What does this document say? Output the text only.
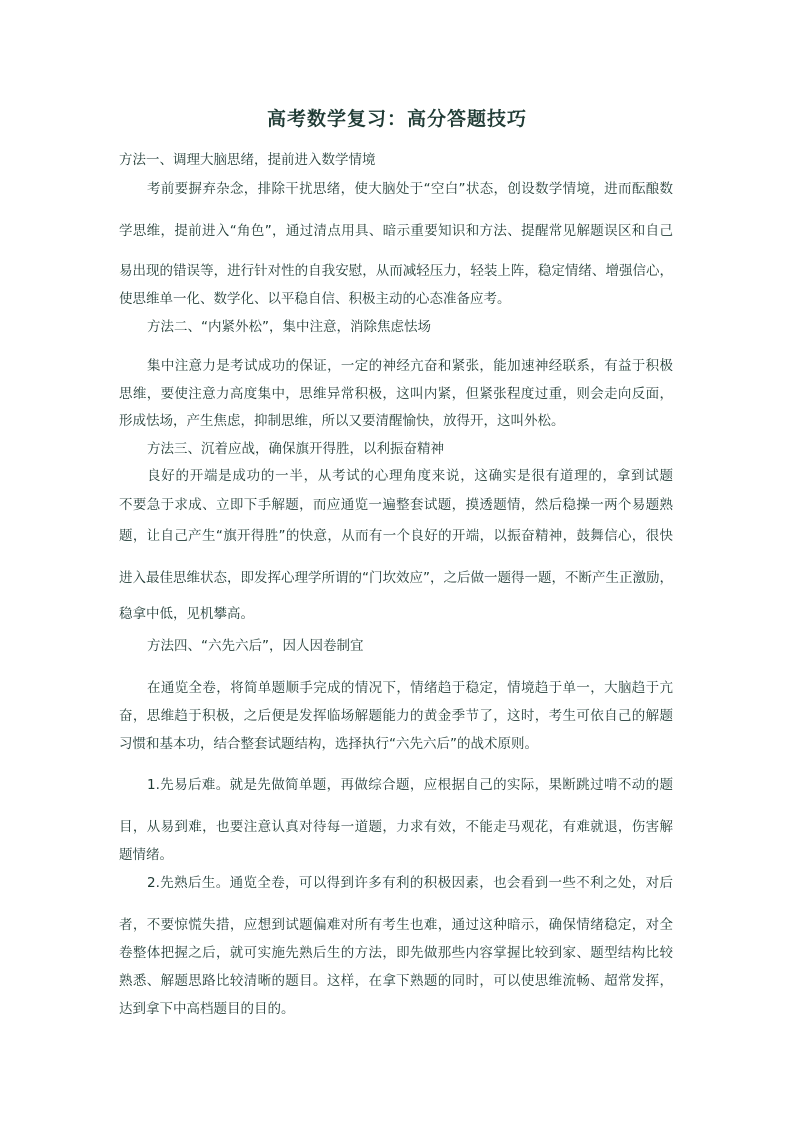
高考数学复习：高分答题技巧
方法一、调理大脑思绪，提前进入数学情境
考前要摒弃杂念，排除干扰思绪，使大脑处于“空白”状态，创设数学情境，进而酝酿数
学思维，提前进入“角色”，通过清点用具、暗示重要知识和方法、提醒常见解题误区和自己
易出现的错误等，进行针对性的自我安慰，从而减轻压力，轻装上阵，稳定情绪、增强信心，
使思维单一化、数学化、以平稳自信、积极主动的心态准备应考。
方法二、“内紧外松”，集中注意，消除焦虑怯场
集中注意力是考试成功的保证，一定的神经亢奋和紧张，能加速神经联系，有益于积极
思维，要使注意力高度集中，思维异常积极，这叫内紧，但紧张程度过重，则会走向反面，
形成怯场，产生焦虑，抑制思维，所以又要清醒愉快，放得开，这叫外松。
方法三、沉着应战，确保旗开得胜，以利振奋精神
良好的开端是成功的一半，从考试的心理角度来说，这确实是很有道理的，拿到试题
不要急于求成、立即下手解题，而应通览一遍整套试题，摸透题情，然后稳操一两个易题熟
题，让自己产生“旗开得胜”的快意，从而有一个良好的开端，以振奋精神，鼓舞信心，很快
进入最佳思维状态，即发挥心理学所谓的“门坎效应”，之后做一题得一题，不断产生正激励，
稳拿中低，见机攀高。
方法四、“六先六后”，因人因卷制宜
在通览全卷，将简单题顺手完成的情况下，情绪趋于稳定，情境趋于单一，大脑趋于亢
奋，思维趋于积极，之后便是发挥临场解题能力的黄金季节了，这时，考生可依自己的解题
习惯和基本功，结合整套试题结构，选择执行“六先六后”的战术原则。
1.先易后难。就是先做简单题，再做综合题，应根据自己的实际，果断跳过啃不动的题
目，从易到难，也要注意认真对待每一道题，力求有效，不能走马观花，有难就退，伤害解
题情绪。
2.先熟后生。通览全卷，可以得到许多有利的积极因素，也会看到一些不利之处，对后
者，不要惊慌失措，应想到试题偏难对所有考生也难，通过这种暗示，确保情绪稳定，对全
卷整体把握之后，就可实施先熟后生的方法，即先做那些内容掌握比较到家、题型结构比较
熟悉、解题思路比较清晰的题目。这样，在拿下熟题的同时，可以使思维流畅、超常发挥，
达到拿下中高档题目的目的。
